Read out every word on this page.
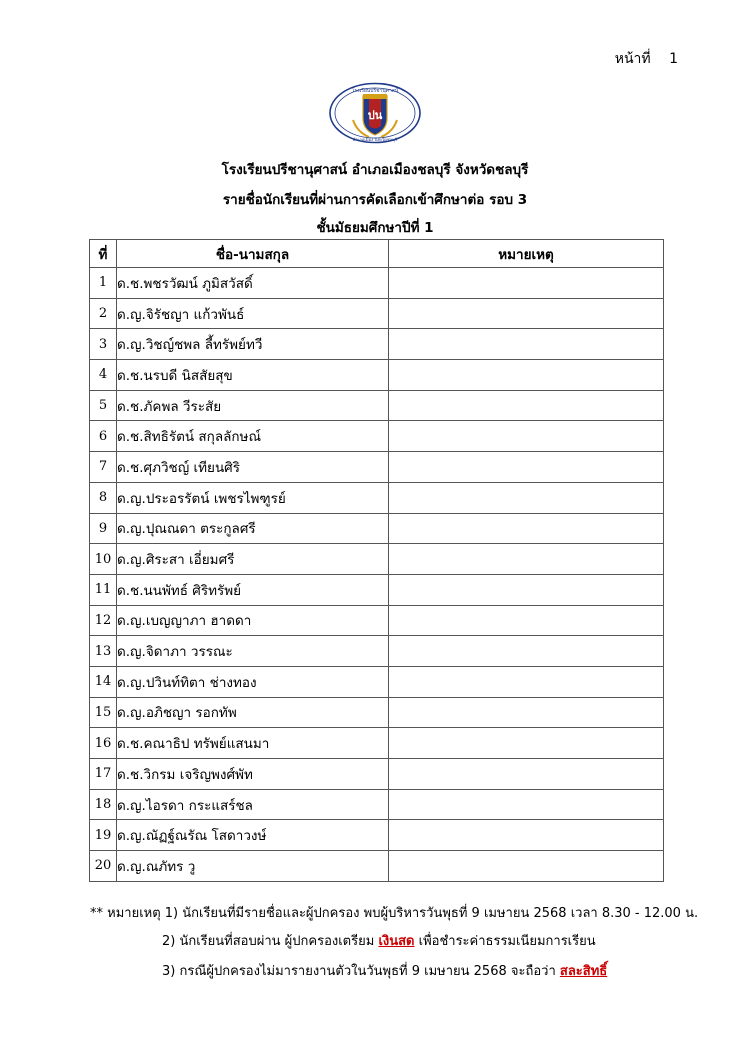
หน้าที่ 1
ปน
โรงเรียนปรีชานุศาสน์
อำเภอเมือง จังหวัดชลบุรี
โรงเรียนปรีชานุศาสน์ อำเภอเมืองชลบุรี จังหวัดชลบุรี
รายชื่อนักเรียนที่ผ่านการคัดเลือกเข้าศึกษาต่อ รอบ 3
ชั้นมัธยมศึกษาปีที่ 1
ที่	ชื่อ-นามสกุล	หมายเหตุ
1	ด.ช.พชรวัฒน์ ภูมิสวัสดิ์	
2	ด.ญ.จิรัชญา แก้วพันธ์	
3	ด.ญ.วิชญ์ชพล ลี้ทรัพย์ทวี	
4	ด.ช.นรบดี นิสสัยสุข	
5	ด.ช.ภัคพล วีระสัย	
6	ด.ช.สิทธิรัตน์ สกุลลักษณ์	
7	ด.ช.ศุภวิชญ์ เทียนศิริ	
8	ด.ญ.ประอรรัตน์ เพชรไพฑูรย์	
9	ด.ญ.ปุณณดา ตระกูลศรี	
10	ด.ญ.ศิระสา เอี่ยมศรี	
11	ด.ช.นนพัทธ์ ศิริทรัพย์	
12	ด.ญ.เบญญาภา ฮาดดา	
13	ด.ญ.จิดาภา วรรณะ	
14	ด.ญ.ปวินท์ทิตา ช่างทอง	
15	ด.ญ.อภิชญา รอกทัพ	
16	ด.ช.คณาธิป ทรัพย์แสนมา	
17	ด.ช.วิกรม เจริญพงศ์พัท	
18	ด.ญ.ไอรดา กระแสร์ชล	
19	ด.ญ.ณัฏฐ์ณรัณ โสดาวงษ์	
20	ด.ญ.ณภัทร วู	
** หมายเหตุ 1) นักเรียนที่มีรายชื่อและผู้ปกครอง พบผู้บริหารวันพุธที่ 9 เมษายน 2568 เวลา 8.30 - 12.00 น.
2) นักเรียนที่สอบผ่าน ผู้ปกครองเตรียม เงินสด เพื่อชำระค่าธรรมเนียมการเรียน
3) กรณีผู้ปกครองไม่มารายงานตัวในวันพุธที่ 9 เมษายน 2568 จะถือว่า สละสิทธิ์
